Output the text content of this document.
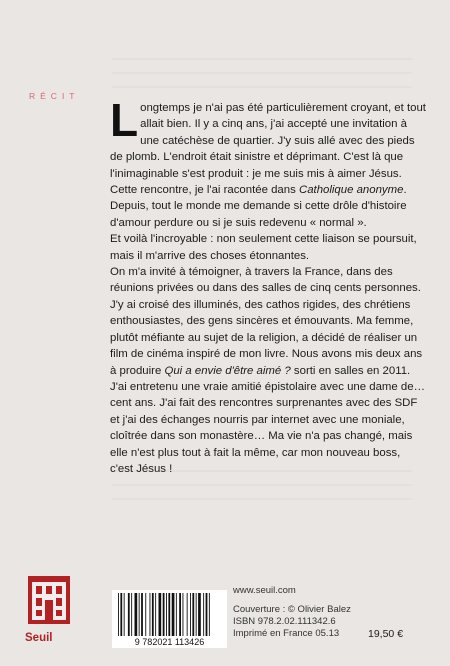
RÉCIT Longtemps je n'ai pas été particulièrement croyant, et tout allait bien. Il y a cinq ans, j'ai accepté une invitation à une catéchèse de quartier. J'y suis allé avec des pieds de plomb. L'endroit était sinistre et déprimant. C'est là que l'inimaginable s'est produit : je me suis mis à aimer Jésus. Cette rencontre, je l'ai racontée dans Catholique anonyme. Depuis, tout le monde me demande si cette drôle d'histoire d'amour perdure ou si je suis redevenu « normal ».

Et voilà l'incroyable : non seulement cette liaison se poursuit, mais il m'arrive des choses étonnantes.

On m'a invité à témoigner, à travers la France, dans des réunions privées ou dans des salles de cinq cents personnes. J'y ai croisé des illuminés, des cathos rigides, des chrétiens enthousiastes, des gens sincères et émouvants. Ma femme, plutôt méfiante au sujet de la religion, a décidé de réaliser un film de cinéma inspiré de mon livre. Nous avons mis deux ans à produire Qui a envie d'être aimé ? sorti en salles en 2011. J'ai entretenu une vraie amitié épistolaire avec une dame de… cent ans. J'ai fait des rencontres surprenantes avec des SDF et j'ai des échanges nourris par internet avec une moniale, cloîtrée dans son monastère… Ma vie n'a pas changé, mais elle n'est plus tout à fait la même, car mon nouveau boss,

c'est Jésus !

Seuil
www.seuil.com
9 782021 113426
Couverture : © Olivier Balez
ISBN 978.2.02.111342.6
Imprimé en France 05.13	19,50 €
